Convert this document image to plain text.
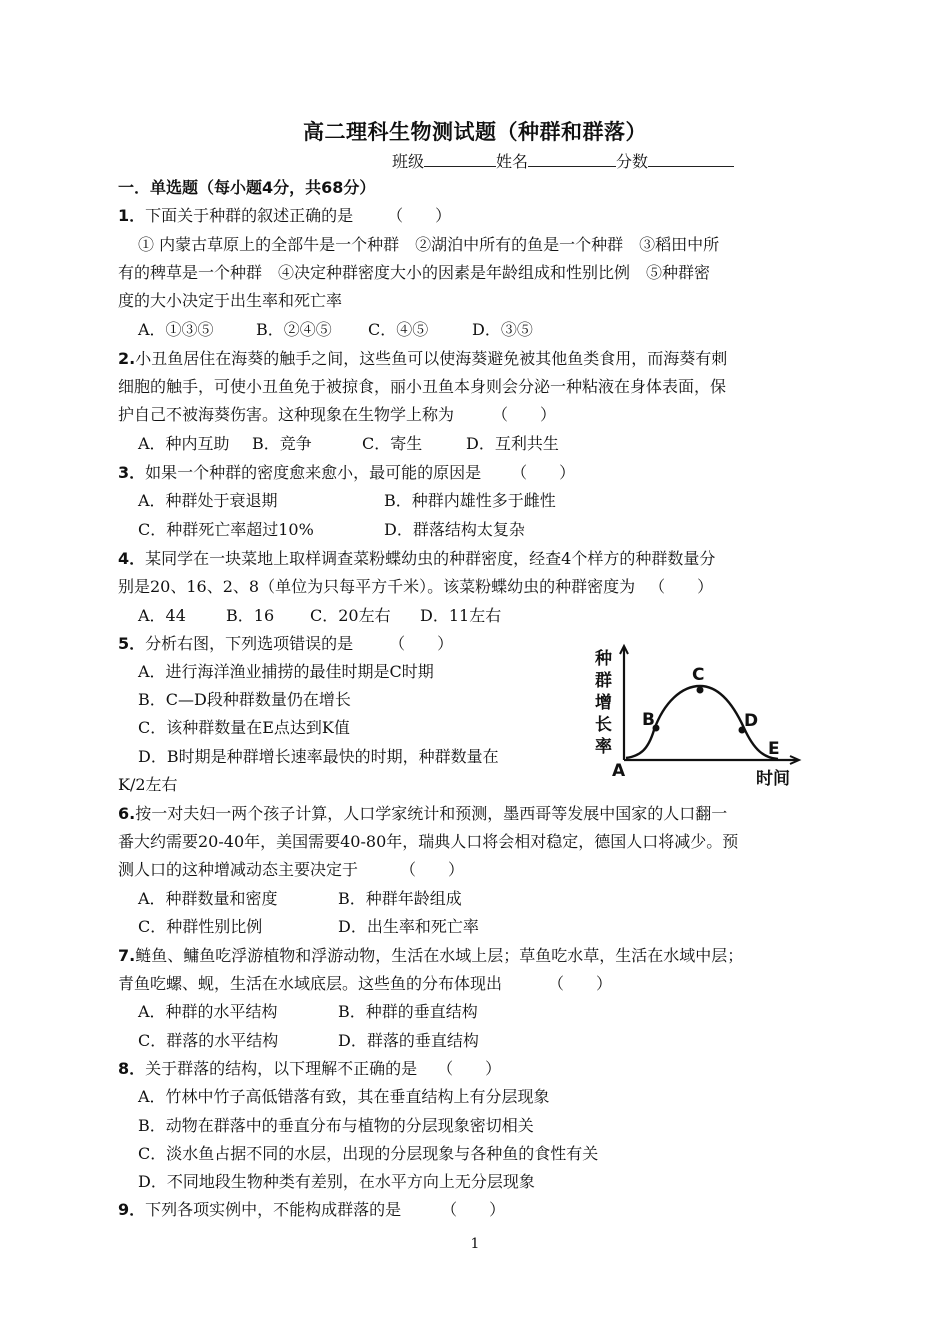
高二理科生物测试题（种群和群落）
班级	姓名	分数
一．单选题（每小题4分，共68分）
1．下面关于种群的叙述正确的是 （　　）
① 内蒙古草原上的全部牛是一个种群　②湖泊中所有的鱼是一个种群　③稻田中所
有的稗草是一个种群　④决定种群密度大小的因素是年龄组成和性别比例　⑤种群密
度的大小决定于出生率和死亡率
A．①③⑤	B．②④⑤ C．④⑤	D．③⑤
2.小丑鱼居住在海葵的触手之间，这些鱼可以使海葵避免被其他鱼类食用，而海葵有刺
细胞的触手，可使小丑鱼免于被掠食，丽小丑鱼本身则会分泌一种粘液在身体表面，保
护自己不被海葵伤害。这种现象在生物学上称为 （　　）
A．种内互助 B．竞争	C．寄生	D．互利共生
3．如果一个种群的密度愈来愈小，最可能的原因是 （　　）
A．种群处于衰退期	B．种群内雄性多于雌性
C．种群死亡率超过10%	D．群落结构太复杂
4．某同学在一块菜地上取样调查菜粉蝶幼虫的种群密度，经查4个样方的种群数量分
别是20、16、2、8（单位为只每平方千米）。该菜粉蝶幼虫的种群密度为 （　　）
A．44	B．16 C．20左右 D．11左右
5．分析右图，下列选项错误的是 （　　）
A．进行海洋渔业捕捞的最佳时期是C时期
B．C—D段种群数量仍在增长
C．该种群数量在E点达到K值
D．B时期是种群增长速率最快的时期，种群数量在
K/2左右
种
群
增
长
率
A
B
C
D
E
时间
6.按一对夫妇一两个孩子计算，人口学家统计和预测，墨西哥等发展中国家的人口翻一
番大约需要20-40年，美国需要40-80年，瑞典人口将会相对稳定，德国人口将减少。预
测人口的这种增减动态主要决定于	（　　）
A．种群数量和密度	B．种群年龄组成
C．种群性别比例	D．出生率和死亡率
7.鲢鱼、鳙鱼吃浮游植物和浮游动物，生活在水域上层；草鱼吃水草，生活在水域中层；
青鱼吃螺、蚬，生活在水域底层。这些鱼的分布体现出	（　　）
A．种群的水平结构	B．种群的垂直结构
C．群落的水平结构	D．群落的垂直结构
8．关于群落的结构，以下理解不正确的是 （　　）
A．竹林中竹子高低错落有致，其在垂直结构上有分层现象
B．动物在群落中的垂直分布与植物的分层现象密切相关
C．淡水鱼占据不同的水层，出现的分层现象与各种鱼的食性有关
D．不同地段生物种类有差别，在水平方向上无分层现象
9．下列各项实例中，不能构成群落的是	（　　）
1
